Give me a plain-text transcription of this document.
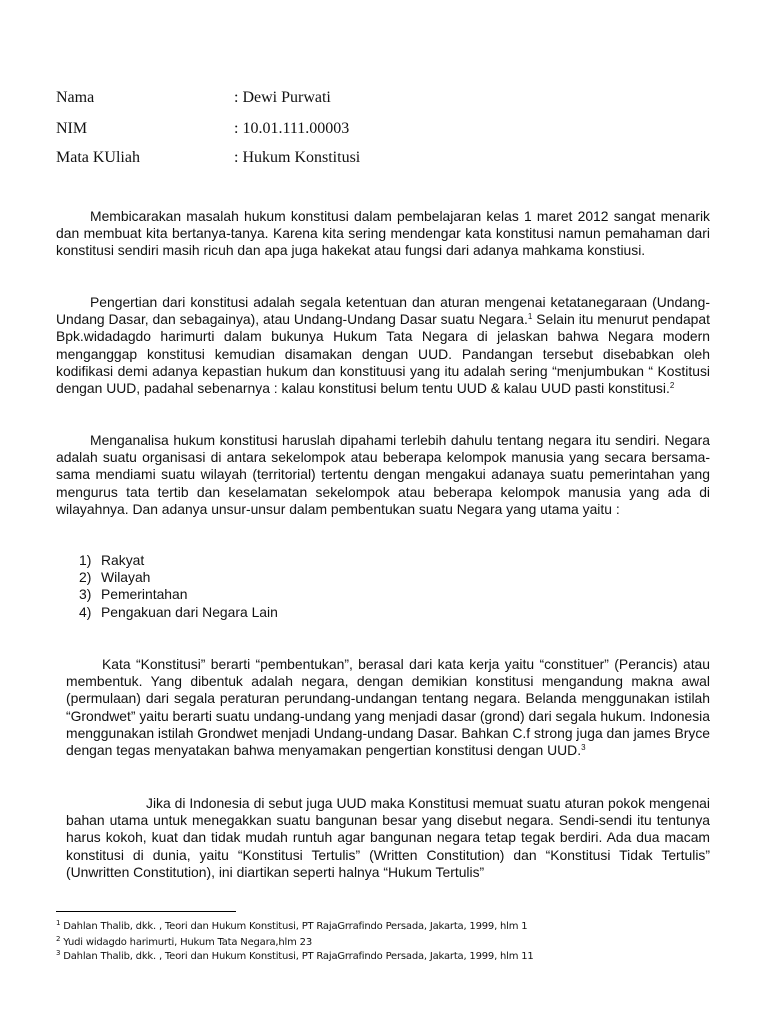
Nama	: Dewi Purwati
NIM	: 10.01.111.00003
Mata KUliah	: Hukum Konstitusi

Membicarakan masalah hukum konstitusi dalam pembelajaran kelas 1 maret 2012 sangat menarik dan membuat kita bertanya-tanya. Karena kita sering mendengar kata konstitusi namun pemahaman dari konstitusi sendiri masih ricuh dan apa juga hakekat atau fungsi dari adanya mahkama konstiusi.

Pengertian dari konstitusi adalah segala ketentuan dan aturan mengenai ketatanegaraan (Undang-Undang Dasar, dan sebagainya), atau Undang-Undang Dasar suatu Negara.$^1$ Selain itu menurut pendapat Bpk.widadagdo harimurti dalam bukunya Hukum Tata Negara di jelaskan bahwa Negara modern menganggap konstitusi kemudian disamakan dengan UUD. Pandangan tersebut disebabkan oleh kodifikasi demi adanya kepastian hukum dan konstituusi yang itu adalah sering “menjumbukan “ Kostitusi dengan UUD, padahal sebenarnya : kalau konstitusi belum tentu UUD & kalau UUD pasti konstitusi.$^2$

Menganalisa hukum konstitusi haruslah dipahami terlebih dahulu tentang negara itu sendiri. Negara adalah suatu organisasi di antara sekelompok atau beberapa kelompok manusia yang secara bersama-sama mendiami suatu wilayah (territorial) tertentu dengan mengakui adanaya suatu pemerintahan yang mengurus tata tertib dan keselamatan sekelompok atau beberapa kelompok manusia yang ada di wilayahnya. Dan adanya unsur-unsur dalam pembentukan suatu Negara yang utama yaitu :

1) Rakyat
2) Wilayah
3) Pemerintahan
4) Pengakuan dari Negara Lain

Kata “Konstitusi” berarti “pembentukan”, berasal dari kata kerja yaitu “constituer” (Perancis) atau membentuk. Yang dibentuk adalah negara, dengan demikian konstitusi mengandung makna awal (permulaan) dari segala peraturan perundang-undangan tentang negara. Belanda menggunakan istilah “Grondwet” yaitu berarti suatu undang-undang yang menjadi dasar (grond) dari segala hukum. Indonesia menggunakan istilah Grondwet menjadi Undang-undang Dasar. Bahkan C.f strong juga dan james Bryce dengan tegas menyatakan bahwa menyamakan pengertian konstitusi dengan UUD.$^3$

Jika di Indonesia di sebut juga UUD maka Konstitusi memuat suatu aturan pokok mengenai bahan utama untuk menegakkan suatu bangunan besar yang disebut negara. Sendi-sendi itu tentunya harus kokoh, kuat dan tidak mudah runtuh agar bangunan negara tetap tegak berdiri. Ada dua macam konstitusi di dunia, yaitu “Konstitusi Tertulis” (Written Constitution) dan “Konstitusi Tidak Tertulis” (Unwritten Constitution), ini diartikan seperti halnya “Hukum Tertulis”

$^1$ Dahlan Thalib, dkk. , Teori dan Hukum Konstitusi, PT RajaGrrafindo Persada, Jakarta, 1999, hlm 1
$^2$ Yudi widagdo harimurti, Hukum Tata Negara,hlm 23
$^3$ Dahlan Thalib, dkk. , Teori dan Hukum Konstitusi, PT RajaGrrafindo Persada, Jakarta, 1999, hlm 11
